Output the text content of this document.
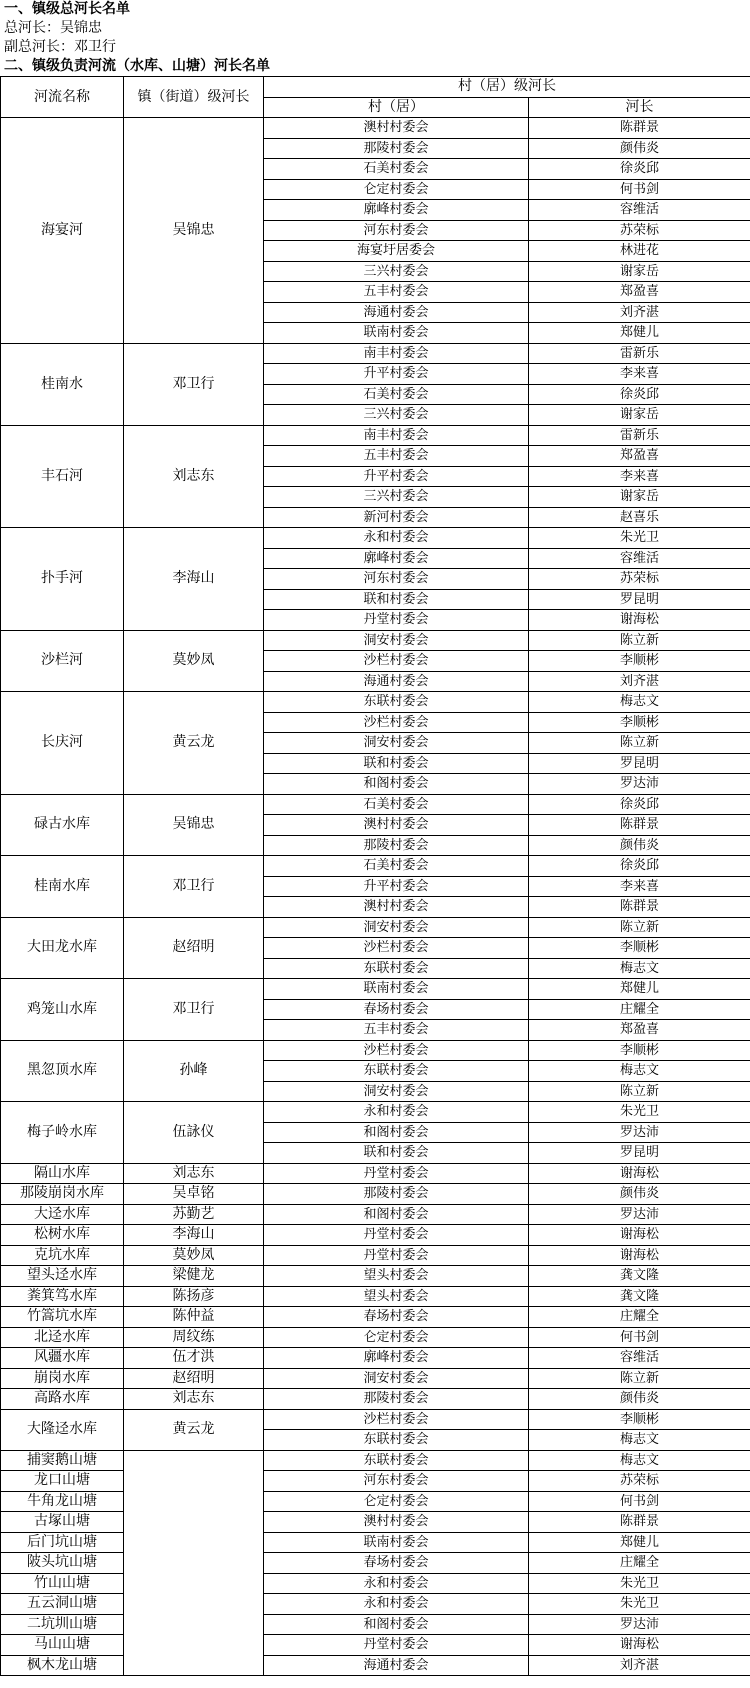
一、镇级总河长名单
总河长：吴锦忠
副总河长：邓卫行
二、镇级负责河流（水库、山塘）河长名单
河流名称	镇（街道）级河长	村（居）级河长	
		村（居）	河长
海宴河	吴锦忠	澳村村委会	陈群景
		那陵村委会	颜伟炎
		石美村委会	徐炎邱
		仑定村委会	何书剑
		廓峰村委会	容维活
		河东村委会	苏荣标
		海宴圩居委会	林进花
		三兴村委会	谢家岳
		五丰村委会	郑盈喜
		海通村委会	刘齐湛
		联南村委会	郑健儿
桂南水	邓卫行	南丰村委会	雷新乐
		升平村委会	李来喜
		石美村委会	徐炎邱
		三兴村委会	谢家岳
丰石河	刘志东	南丰村委会	雷新乐
		五丰村委会	郑盈喜
		升平村委会	李来喜
		三兴村委会	谢家岳
		新河村委会	赵喜乐
扑手河	李海山	永和村委会	朱光卫
		廓峰村委会	容维活
		河东村委会	苏荣标
		联和村委会	罗昆明
		丹堂村委会	谢海松
沙栏河	莫妙凤	洞安村委会	陈立新
		沙栏村委会	李顺彬
		海通村委会	刘齐湛
长庆河	黄云龙	东联村委会	梅志文
		沙栏村委会	李顺彬
		洞安村委会	陈立新
		联和村委会	罗昆明
		和阁村委会	罗达沛
碌古水库	吴锦忠	石美村委会	徐炎邱
		澳村村委会	陈群景
		那陵村委会	颜伟炎
桂南水库	邓卫行	石美村委会	徐炎邱
		升平村委会	李来喜
		澳村村委会	陈群景
大田龙水库	赵绍明	洞安村委会	陈立新
		沙栏村委会	李顺彬
		东联村委会	梅志文
鸡笼山水库	邓卫行	联南村委会	郑健儿
		春场村委会	庄耀全
		五丰村委会	郑盈喜
黑忽顶水库	孙峰	沙栏村委会	李顺彬
		东联村委会	梅志文
		洞安村委会	陈立新
梅子岭水库	伍詠仪	永和村委会	朱光卫
		和阁村委会	罗达沛
		联和村委会	罗昆明
隔山水库	刘志东	丹堂村委会	谢海松
那陵崩岗水库	吴卓铭	那陵村委会	颜伟炎
大迳水库	苏勤艺	和阁村委会	罗达沛
松树水库	李海山	丹堂村委会	谢海松
克坑水库	莫妙凤	丹堂村委会	谢海松
望头迳水库	梁健龙	望头村委会	龚文隆
粪箕笃水库	陈扬彦	望头村委会	龚文隆
竹篙坑水库	陈仲益	春场村委会	庄耀全
北迳水库	周纹练	仑定村委会	何书剑
风疆水库	伍才洪	廓峰村委会	容维活
崩岗水库	赵绍明	洞安村委会	陈立新
高路水库	刘志东	那陵村委会	颜伟炎
大隆迳水库	黄云龙	沙栏村委会	李顺彬
		东联村委会	梅志文
捕窦鹅山塘		东联村委会	梅志文
龙口山塘		河东村委会	苏荣标
牛角龙山塘		仑定村委会	何书剑
古塚山塘		澳村村委会	陈群景
后门坑山塘		联南村委会	郑健儿
陂头坑山塘		春场村委会	庄耀全
竹山山塘		永和村委会	朱光卫
五云洞山塘		永和村委会	朱光卫
二坑圳山塘		和阁村委会	罗达沛
马山山塘		丹堂村委会	谢海松
枫木龙山塘		海通村委会	刘齐湛
